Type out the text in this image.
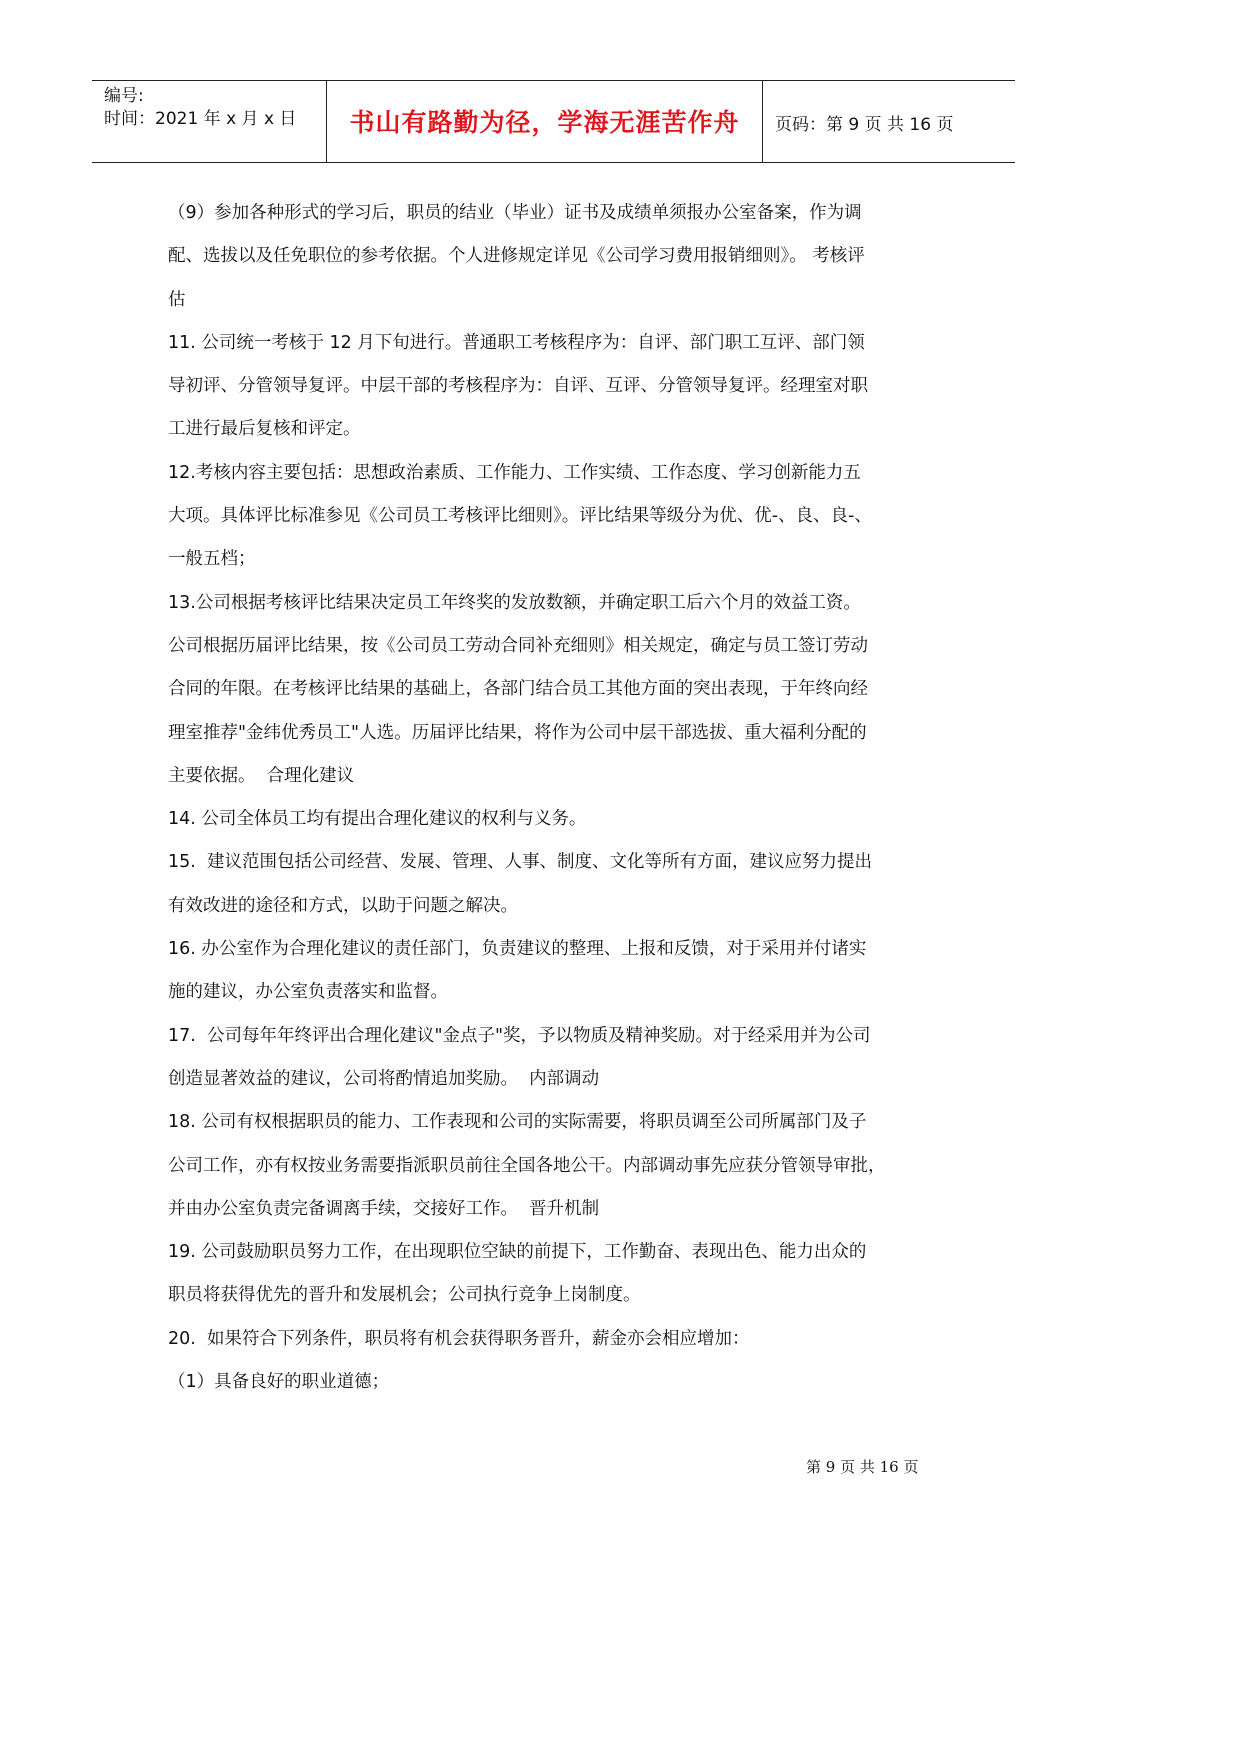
编号:
时间：2021 年 x 月 x 日	书山有路勤为径，学海无涯苦作舟	页码：第 9 页 共 16 页

（9）参加各种形式的学习后，职员的结业（毕业）证书及成绩单须报办公室备案，作为调

配、选拔以及任免职位的参考依据。个人进修规定详见《公司学习费用报销细则》。 考核评

估

11. 公司统一考核于 12 月下旬进行。普通职工考核程序为：自评、部门职工互评、部门领

导初评、分管领导复评。中层干部的考核程序为：自评、互评、分管领导复评。经理室对职

工进行最后复核和评定。

12.考核内容主要包括：思想政治素质、工作能力、工作实绩、工作态度、学习创新能力五

大项。具体评比标准参见《公司员工考核评比细则》。评比结果等级分为优、优-、良、良-、

一般五档；

13.公司根据考核评比结果决定员工年终奖的发放数额，并确定职工后六个月的效益工资。

公司根据历届评比结果，按《公司员工劳动合同补充细则》相关规定，确定与员工签订劳动

合同的年限。在考核评比结果的基础上，各部门结合员工其他方面的突出表现，于年终向经

理室推荐"金纬优秀员工"人选。历届评比结果，将作为公司中层干部选拔、重大福利分配的

主要依据。  合理化建议

14. 公司全体员工均有提出合理化建议的权利与义务。

15.  建议范围包括公司经营、发展、管理、人事、制度、文化等所有方面，建议应努力提出

有效改进的途径和方式，以助于问题之解决。

16. 办公室作为合理化建议的责任部门，负责建议的整理、上报和反馈，对于采用并付诸实

施的建议，办公室负责落实和监督。

17.  公司每年年终评出合理化建议"金点子"奖，予以物质及精神奖励。对于经采用并为公司

创造显著效益的建议，公司将酌情追加奖励。  内部调动

18. 公司有权根据职员的能力、工作表现和公司的实际需要，将职员调至公司所属部门及子

公司工作，亦有权按业务需要指派职员前往全国各地公干。内部调动事先应获分管领导审批，

并由办公室负责完备调离手续，交接好工作。  晋升机制

19. 公司鼓励职员努力工作，在出现职位空缺的前提下，工作勤奋、表现出色、能力出众的

职员将获得优先的晋升和发展机会；公司执行竞争上岗制度。

20.  如果符合下列条件，职员将有机会获得职务晋升，薪金亦会相应增加：

（1）具备良好的职业道德；

第 9 页 共 16 页
